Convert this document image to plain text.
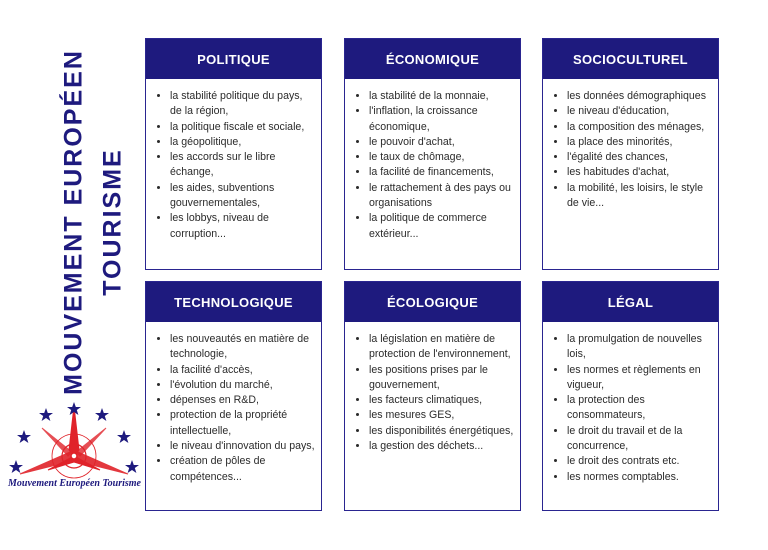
MOUVEMENT EUROPÉEN TOURISME
Mouvement Européen Tourisme
POLITIQUE
• la stabilité politique du pays, de la région,
• la politique fiscale et sociale,
• la géopolitique,
• les accords sur le libre échange,
• les aides, subventions gouvernementales,
• les lobbys, niveau de corruption...
ÉCONOMIQUE
• la stabilité de la monnaie,
• l'inflation, la croissance économique,
• le pouvoir d'achat,
• le taux de chômage,
• la facilité de financements,
• le rattachement à des pays ou organisations
• la politique de commerce extérieur...
SOCIOCULTUREL
• les données démographiques
• le niveau d'éducation,
• la composition des ménages,
• la place des minorités,
• l'égalité des chances,
• les habitudes d'achat,
• la mobilité, les loisirs, le style de vie...
TECHNOLOGIQUE
• les nouveautés en matière de technologie,
• la facilité d'accès,
• l'évolution du marché,
• dépenses en R&D,
• protection de la propriété intellectuelle,
• le niveau d'innovation du pays,
• création de pôles de compétences...
ÉCOLOGIQUE
• la législation en matière de protection de l'environnement,
• les positions prises par le gouvernement,
• les facteurs climatiques,
• les mesures GES,
• les disponibilités énergétiques,
• la gestion des déchets...
LÉGAL
• la promulgation de nouvelles lois,
• les normes et règlements en vigueur,
• la protection des consommateurs,
• le droit du travail et de la concurrence,
• le droit des contrats etc.
• les normes comptables.
